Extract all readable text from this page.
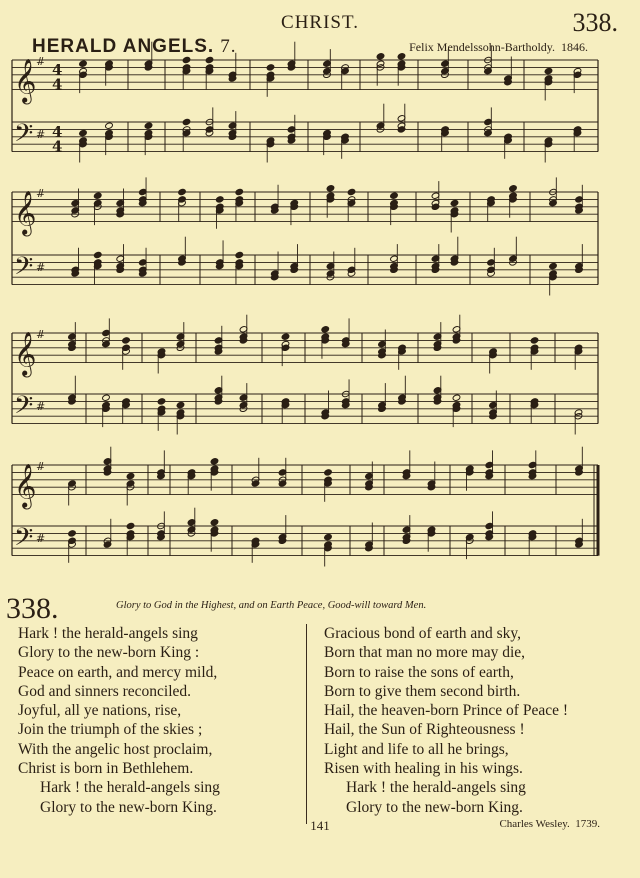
CHRIST.	338.
HERALD ANGELS. 7.	Felix Mendelssohn-Bartholdy. 1846.
𝄞
𝄢
#
#
4
4
4
4
𝄞
𝄢
#
#
𝄞
𝄢
#
#
𝄞
𝄢
#
#
338.	Glory to God in the Highest, and on Earth Peace, Good-will toward Men.
Hark ! the herald-angels sing
Glory to the new-born King :
Peace on earth, and mercy mild,
God and sinners reconciled.
Joyful, all ye nations, rise,
Join the triumph of the skies ;
With the angelic host proclaim,
Christ is born in Bethlehem.
Hark ! the herald-angels sing
Glory to the new-born King.
Gracious bond of earth and sky,
Born that man no more may die,
Born to raise the sons of earth,
Born to give them second birth.
Hail, the heaven-born Prince of Peace !
Hail, the Sun of Righteousness !
Light and life to all he brings,
Risen with healing in his wings.
Hark ! the herald-angels sing
Glory to the new-born King.
141	Charles Wesley. 1739.
